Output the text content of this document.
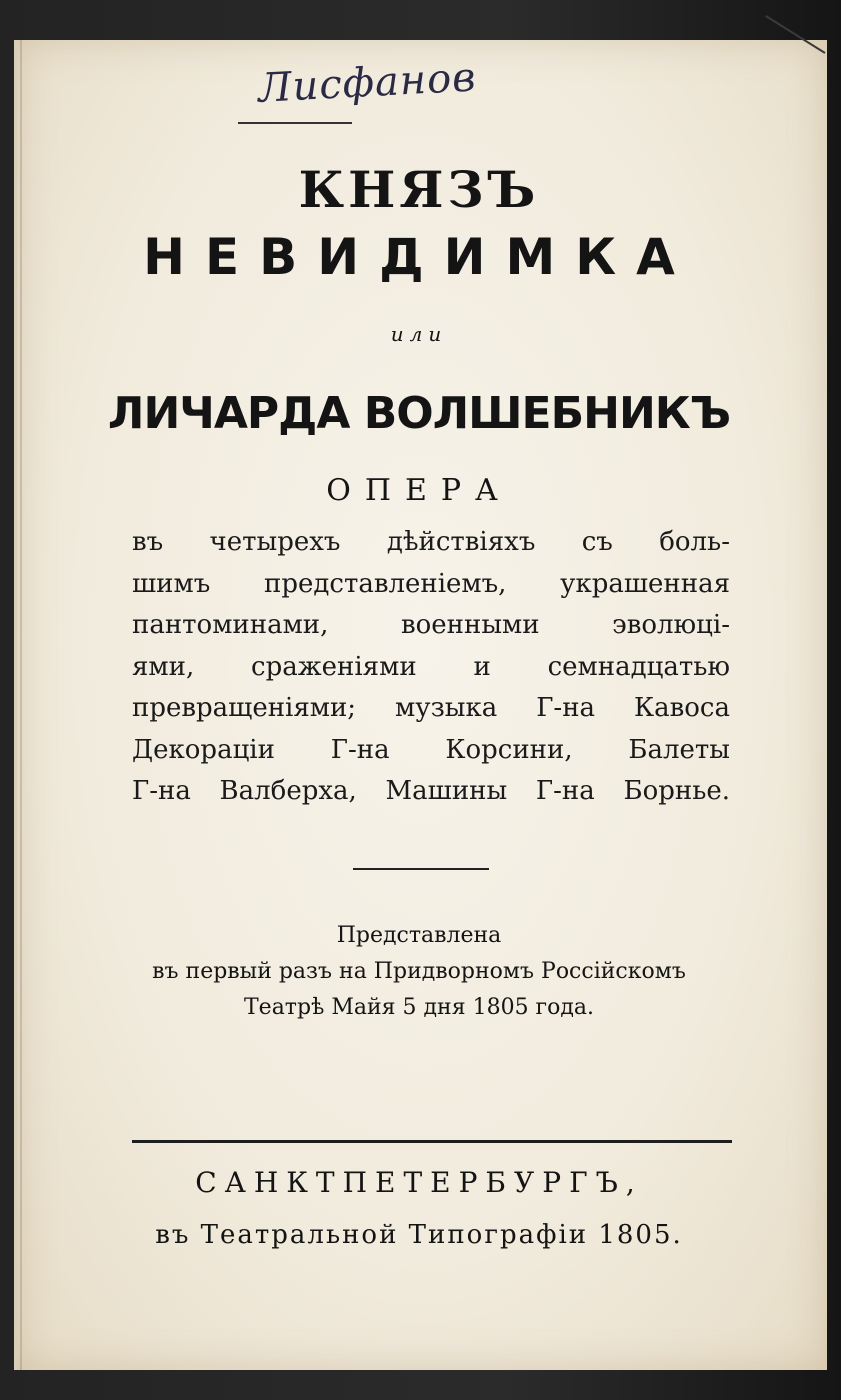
Лисфанов
КНЯЗЪ
НЕВИДИМКА
или
ЛИЧАРДА ВОЛШЕБНИКЪ
ОПЕРА
въ четырехъ дѣйствіяхъ съ боль-
шимъ представленіемъ, украшенная
пантоминами, военными эволюці-
ями, сраженіями и семнадцатью
превращеніями; музыка Г-на Кавоса
Декораціи Г-на Корсини, Балеты
Г-на Валберха, Машины Г-на Борнье.
Представлена
въ первый разъ на Придворномъ Россійскомъ
Театрѣ Майя 5 дня 1805 года.
САНКТПЕТЕРБУРГЪ,
въ Театральной Типографіи 1805.
